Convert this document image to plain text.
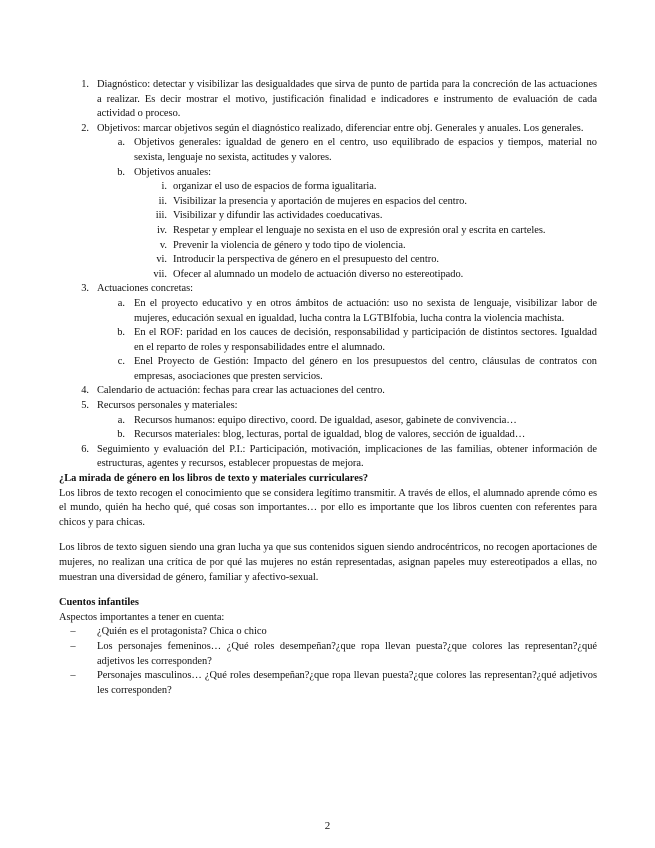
1. Diagnóstico: detectar y visibilizar las desigualdades que sirva de punto de partida para la concreción de las actuaciones a realizar. Es decir mostrar el motivo, justificación finalidad e indicadores e instrumento de evaluación de cada actividad o proceso.
2. Objetivos: marcar objetivos según el diagnóstico realizado, diferenciar entre obj. Generales y anuales. Los generales.
a. Objetivos generales: igualdad de genero en el centro, uso equilibrado de espacios y tiempos, material no sexista, lenguaje no sexista, actitudes y valores.
b. Objetivos anuales:
i. organizar el uso de espacios de forma igualitaria.
ii. Visibilizar la presencia y aportación de mujeres en espacios del centro.
iii. Visibilizar y difundir las actividades coeducativas.
iv. Respetar y emplear el lenguaje no sexista en el uso de expresión oral y escrita en carteles.
v. Prevenir la violencia de género y todo tipo de violencia.
vi. Introducir la perspectiva de género en el presupuesto del centro.
vii. Ofecer al alumnado un modelo de actuación diverso no estereotipado.
3. Actuaciones concretas:
a. En el proyecto educativo y en otros ámbitos de actuación: uso no sexista de lenguaje, visibilizar labor de mujeres, educación sexual en igualdad, lucha contra la LGTBIfobia, lucha contra la violencia machista.
b. En el ROF: paridad en los cauces de decisión, responsabilidad y participación de distintos sectores. Igualdad en el reparto de roles y responsabilidades entre el alumnado.
c. Enel Proyecto de Gestión: Impacto del género en los presupuestos del centro, cláusulas de contratos con empresas, asociaciones que presten servicios.
4. Calendario de actuación: fechas para crear las actuaciones del centro.
5. Recursos personales y materiales:
a. Recursos humanos: equipo directivo, coord. De igualdad, asesor, gabinete de convivencia…
b. Recursos materiales: blog, lecturas, portal de igualdad, blog de valores, sección de igualdad…
6. Seguimiento y evaluación del P.I.: Participación, motivación, implicaciones de las familias, obtener información de estructuras, agentes y recursos, establecer propuestas de mejora.
¿La mirada de género en los libros de texto y materiales curriculares?
Los libros de texto recogen el conocimiento que se considera legítimo transmitir. A través de ellos, el alumnado aprende cómo es el mundo, quién ha hecho qué, qué cosas son importantes… por ello es importante que los libros cuenten con referentes para chicos y para chicas.
Los libros de texto siguen siendo una gran lucha ya que sus contenidos siguen siendo androcéntricos, no recogen aportaciones de mujeres, no realizan una crítica de por qué las mujeres no están representadas, asignan papeles muy estereotipados a ellas, no muestran una diversidad de género, familiar y afectivo-sexual.
Cuentos infantiles
Aspectos importantes a tener en cuenta:
–	¿Quién es el protagonista? Chica o chico
–	Los personajes femeninos… ¿Qué roles desempeñan?¿que ropa llevan puesta?¿que colores las representan?¿qué adjetivos les corresponden?
–	Personajes masculinos… ¿Qué roles desempeñan?¿que ropa llevan puesta?¿que colores las representan?¿qué adjetivos les corresponden?
2
